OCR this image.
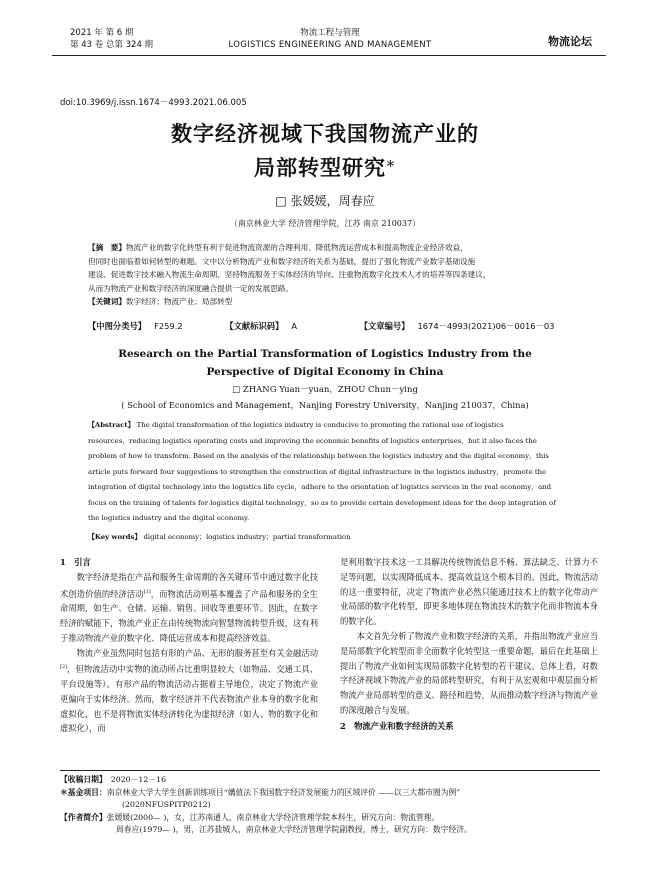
2021 年 第 6 期
第 43 卷 总第 324 期
物流工程与管理
LOGISTICS ENGINEERING AND MANAGEMENT	物流论坛
doi:10.3969/j.issn.1674－4993.2021.06.005
数字经济视域下我国物流产业的
局部转型研究＊
□ 张媛媛，周春应
（南京林业大学 经济管理学院，江苏 南京 210037）
【摘　要】物流产业的数字化转型有利于促进物流资源的合理利用、降低物流运营成本和提高物流企业经济效益，
但同时也面临着如何转型的难题。文中以分析物流产业和数字经济的关系为基础，提出了强化物流产业数字基础设施
建设、促进数字技术融入物流生命周期、坚持物流服务于实体经济的导向、注重物流数字化技术人才的培养等四条建议，
从而为物流产业和数字经济的深度融合提供一定的发展思路。
【关键词】数字经济；物流产业；局部转型
【中图分类号】 F259.2	【文献标识码】 A	【文章编号】 1674－4993(2021)06－0016－03
Research on the Partial Transformation of Logistics Industry from the
Perspective of Digital Economy in China
□ ZHANG Yuan－yuan，ZHOU Chun－ying
( School of Economics and Management，Nanjing Forestry University，Nanjing 210037，China)
【Abstract】 The digital transformation of the logistics industry is conducive to promoting the rational use of logistics
resources，reducing logistics operating costs and improving the economic benefits of logistics enterprises，but it also faces the
problem of how to transform. Based on the analysis of the relationship between the logistics industry and the digital economy，this
article puts forward four suggestions to strengthen the construction of digital infrastructure in the logistics industry，promote the
integration of digital technology into the logistics life cycle，adhere to the orientation of logistics services in the real economy，and
focus on the training of talents for logistics digital technology，so as to provide certain development ideas for the deep integration of
the logistics industry and the digital economy.
【Key words】 digital economy；logistics industry；partial transformation
1　引言

数字经济是指在产品和服务生命周期的各关键环节中通过数字化技术创造价值的经济活动[1]，而物流活动则基本覆盖了产品和服务的全生命周期，如生产、仓储、运输、销售、回收等重要环节。因此，在数字经济的赋能下，物流产业正在由传统物流向智慧物流转型升级，这有利于推动物流产业的数字化、降低运营成本和提高经济效益。

物流产业虽然同时包括有形的产品、无形的服务甚至有关金融活动[2]，但物流活动中实物的流动所占比重明显较大（如物品、交通工具、平台设施等）。有形产品的物流活动占据着主导地位，决定了物流产业更偏向于实体经济。然而，数字经济并不代表物流产业本身的数字化和虚拟化，也不是将物流实体经济转化为虚拟经济（如人、物的数字化和虚拟化），而

是利用数字技术这一工具解决传统物流信息不畅、算法缺乏、计算力不足等问题，以实现降低成本、提高效益这个根本目的。因此，物流活动的这一重要特征，决定了物流产业必然只能通过技术上的数字化带动产业局部的数字化转型，即更多地体现在物流技术的数字化而非物流本身的数字化。

本文首先分析了物流产业和数字经济的关系，并指出物流产业应当是局部数字化转型而非全面数字化转型这一重要命题，最后在此基础上提出了物流产业如何实现局部数字化转型的若干建议。总体上看，对数字经济视域下物流产业的局部转型研究，有利于从宏观和中观层面分析物流产业局部转型的意义、路径和趋势，从而推动数字经济与物流产业的深度融合与发展。

2　物流产业和数字经济的关系
【收稿日期】 2020－12－16
＊基金项目：南京林业大学大学生创新训练项目“媾值法下我国数字经济发展能力的区域评价 ——以三大都市圈为例”
(2020NFUSPITP0212)
【作者简介】张媛媛(2000— )，女，江苏南通人，南京林业大学经济管理学院本科生，研究方向：物流管理。
周春应(1979— )，男，江苏盐城人，南京林业大学经济管理学院副教授，博士，研究方向：数字经济。
